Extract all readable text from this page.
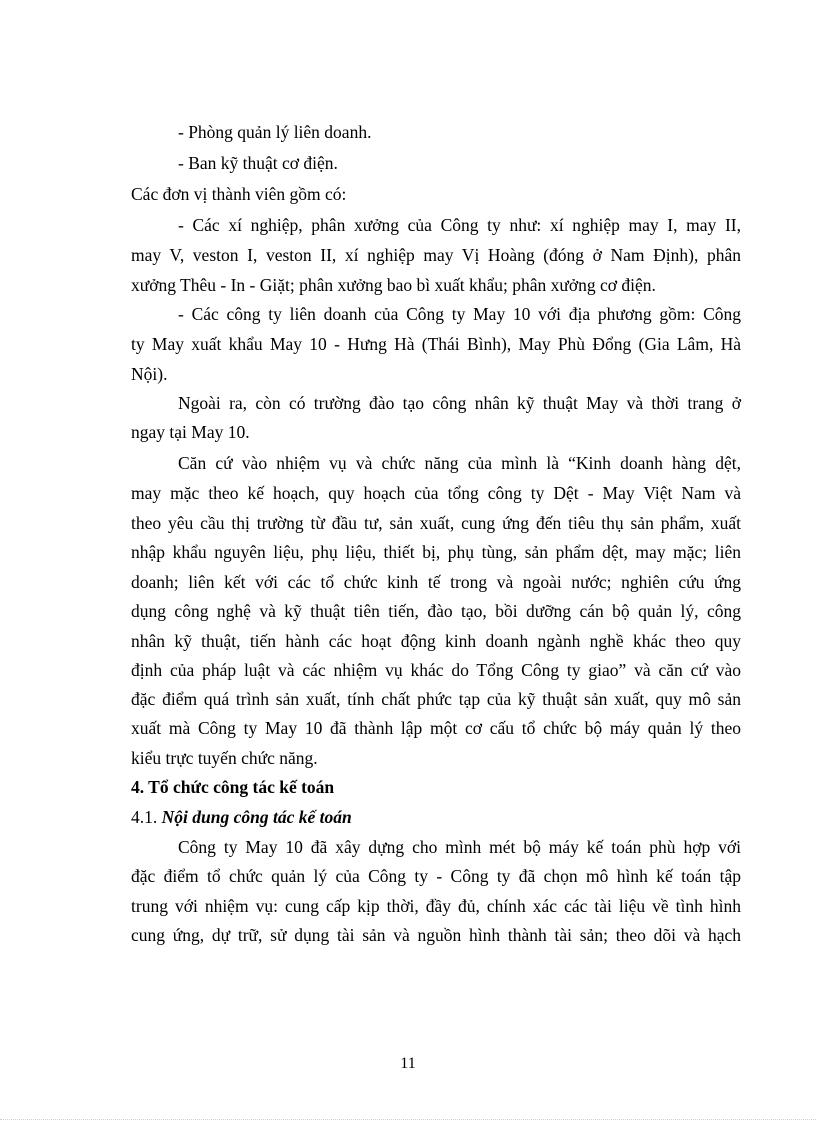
- Phòng quản lý liên doanh.
- Ban kỹ thuật cơ điện.
Các đơn vị thành viên gồm có:
- Các xí nghiệp, phân xưởng của Công ty như: xí nghiệp may I, may II,
may V, veston I, veston II, xí nghiệp may Vị Hoàng (đóng ở Nam Định), phân
xưởng Thêu - In - Giặt; phân xưởng bao bì xuất khẩu; phân xưởng cơ điện.
- Các công ty liên doanh của Công ty May 10 với địa phương gồm: Công
ty May xuất khẩu May 10 - Hưng Hà (Thái Bình), May Phù Đổng (Gia Lâm, Hà
Nội).
Ngoài ra, còn có trường đào tạo công nhân kỹ thuật May và thời trang ở
ngay tại May 10.
Căn cứ vào nhiệm vụ và chức năng của mình là “Kinh doanh hàng dệt,
may mặc theo kế hoạch, quy hoạch của tổng công ty Dệt - May Việt Nam và
theo yêu cầu thị trường từ đầu tư, sản xuất, cung ứng đến tiêu thụ sản phẩm, xuất
nhập khẩu nguyên liệu, phụ liệu, thiết bị, phụ tùng, sản phẩm dệt, may mặc; liên
doanh; liên kết với các tổ chức kinh tế trong và ngoài nước; nghiên cứu ứng
dụng công nghệ và kỹ thuật tiên tiến, đào tạo, bồi dưỡng cán bộ quản lý, công
nhân kỹ thuật, tiến hành các hoạt động kinh doanh ngành nghề khác theo quy
định của pháp luật và các nhiệm vụ khác do Tổng Công ty giao” và căn cứ vào
đặc điểm quá trình sản xuất, tính chất phức tạp của kỹ thuật sản xuất, quy mô sản
xuất mà Công ty May 10 đã thành lập một cơ cấu tổ chức bộ máy quản lý theo
kiểu trực tuyến chức năng.
4. Tổ chức công tác kế toán
4.1. Nội dung công tác kế toán
Công ty May 10 đã xây dựng cho mình mét bộ máy kế toán phù hợp với
đặc điểm tổ chức quản lý của Công ty - Công ty đã chọn mô hình kế toán tập
trung với nhiệm vụ: cung cấp kịp thời, đầy đủ, chính xác các tài liệu về tình hình
cung ứng, dự trữ, sử dụng tài sản và nguồn hình thành tài sản; theo dõi và hạch
11
